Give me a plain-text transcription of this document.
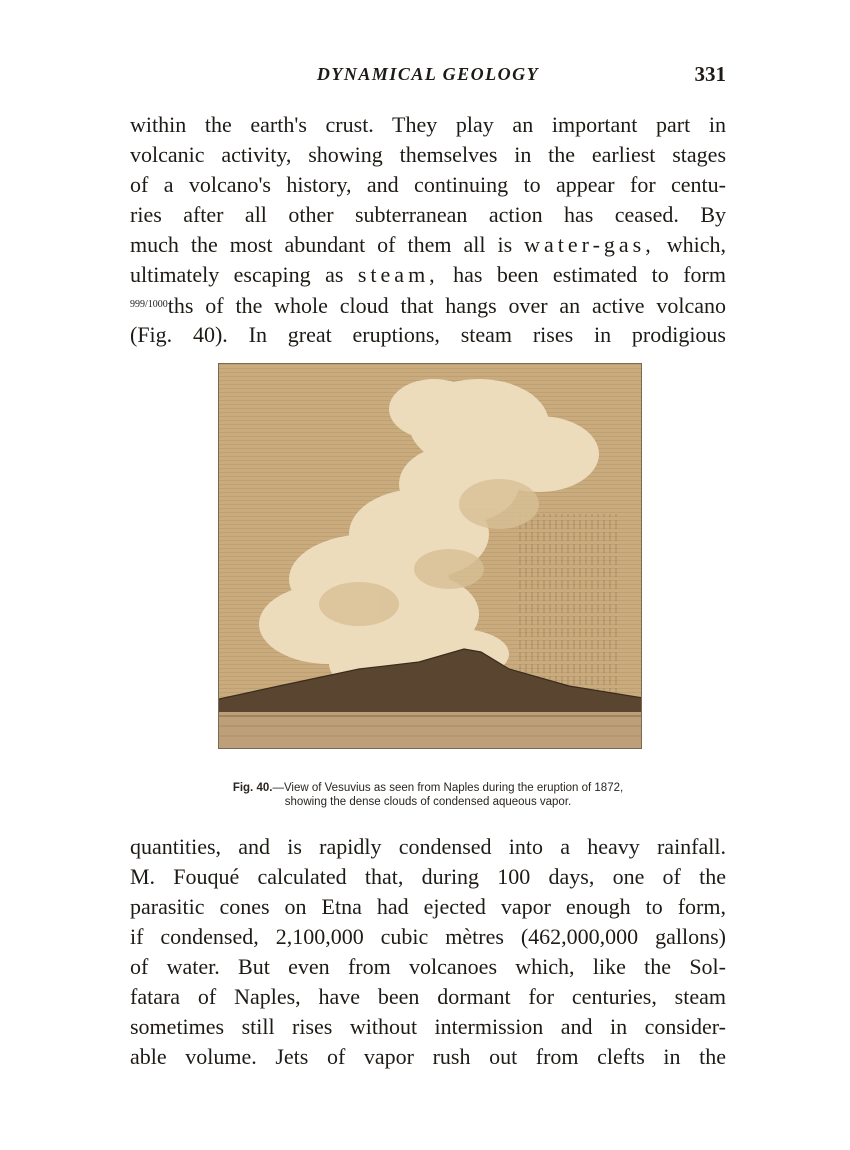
DYNAMICAL GEOLOGY	331
within the earth's crust. They play an important part in
volcanic activity, showing themselves in the earliest stages
of a volcano's history, and continuing to appear for centu-
ries after all other subterranean action has ceased. By
much the most abundant of them all is water-gas, which,
ultimately escaping as steam, has been estimated to form
$^{999/1000}$ths of the whole cloud that hangs over an active volcano
(Fig. 40). In great eruptions, steam rises in prodigious
Fig. 40.—View of Vesuvius as seen from Naples during the eruption of 1872,
showing the dense clouds of condensed aqueous vapor.
quantities, and is rapidly condensed into a heavy rainfall.
M. Fouqué calculated that, during 100 days, one of the
parasitic cones on Etna had ejected vapor enough to form,
if condensed, 2,100,000 cubic mètres (462,000,000 gallons)
of water. But even from volcanoes which, like the Sol-
fatara of Naples, have been dormant for centuries, steam
sometimes still rises without intermission and in consider-
able volume. Jets of vapor rush out from clefts in the
